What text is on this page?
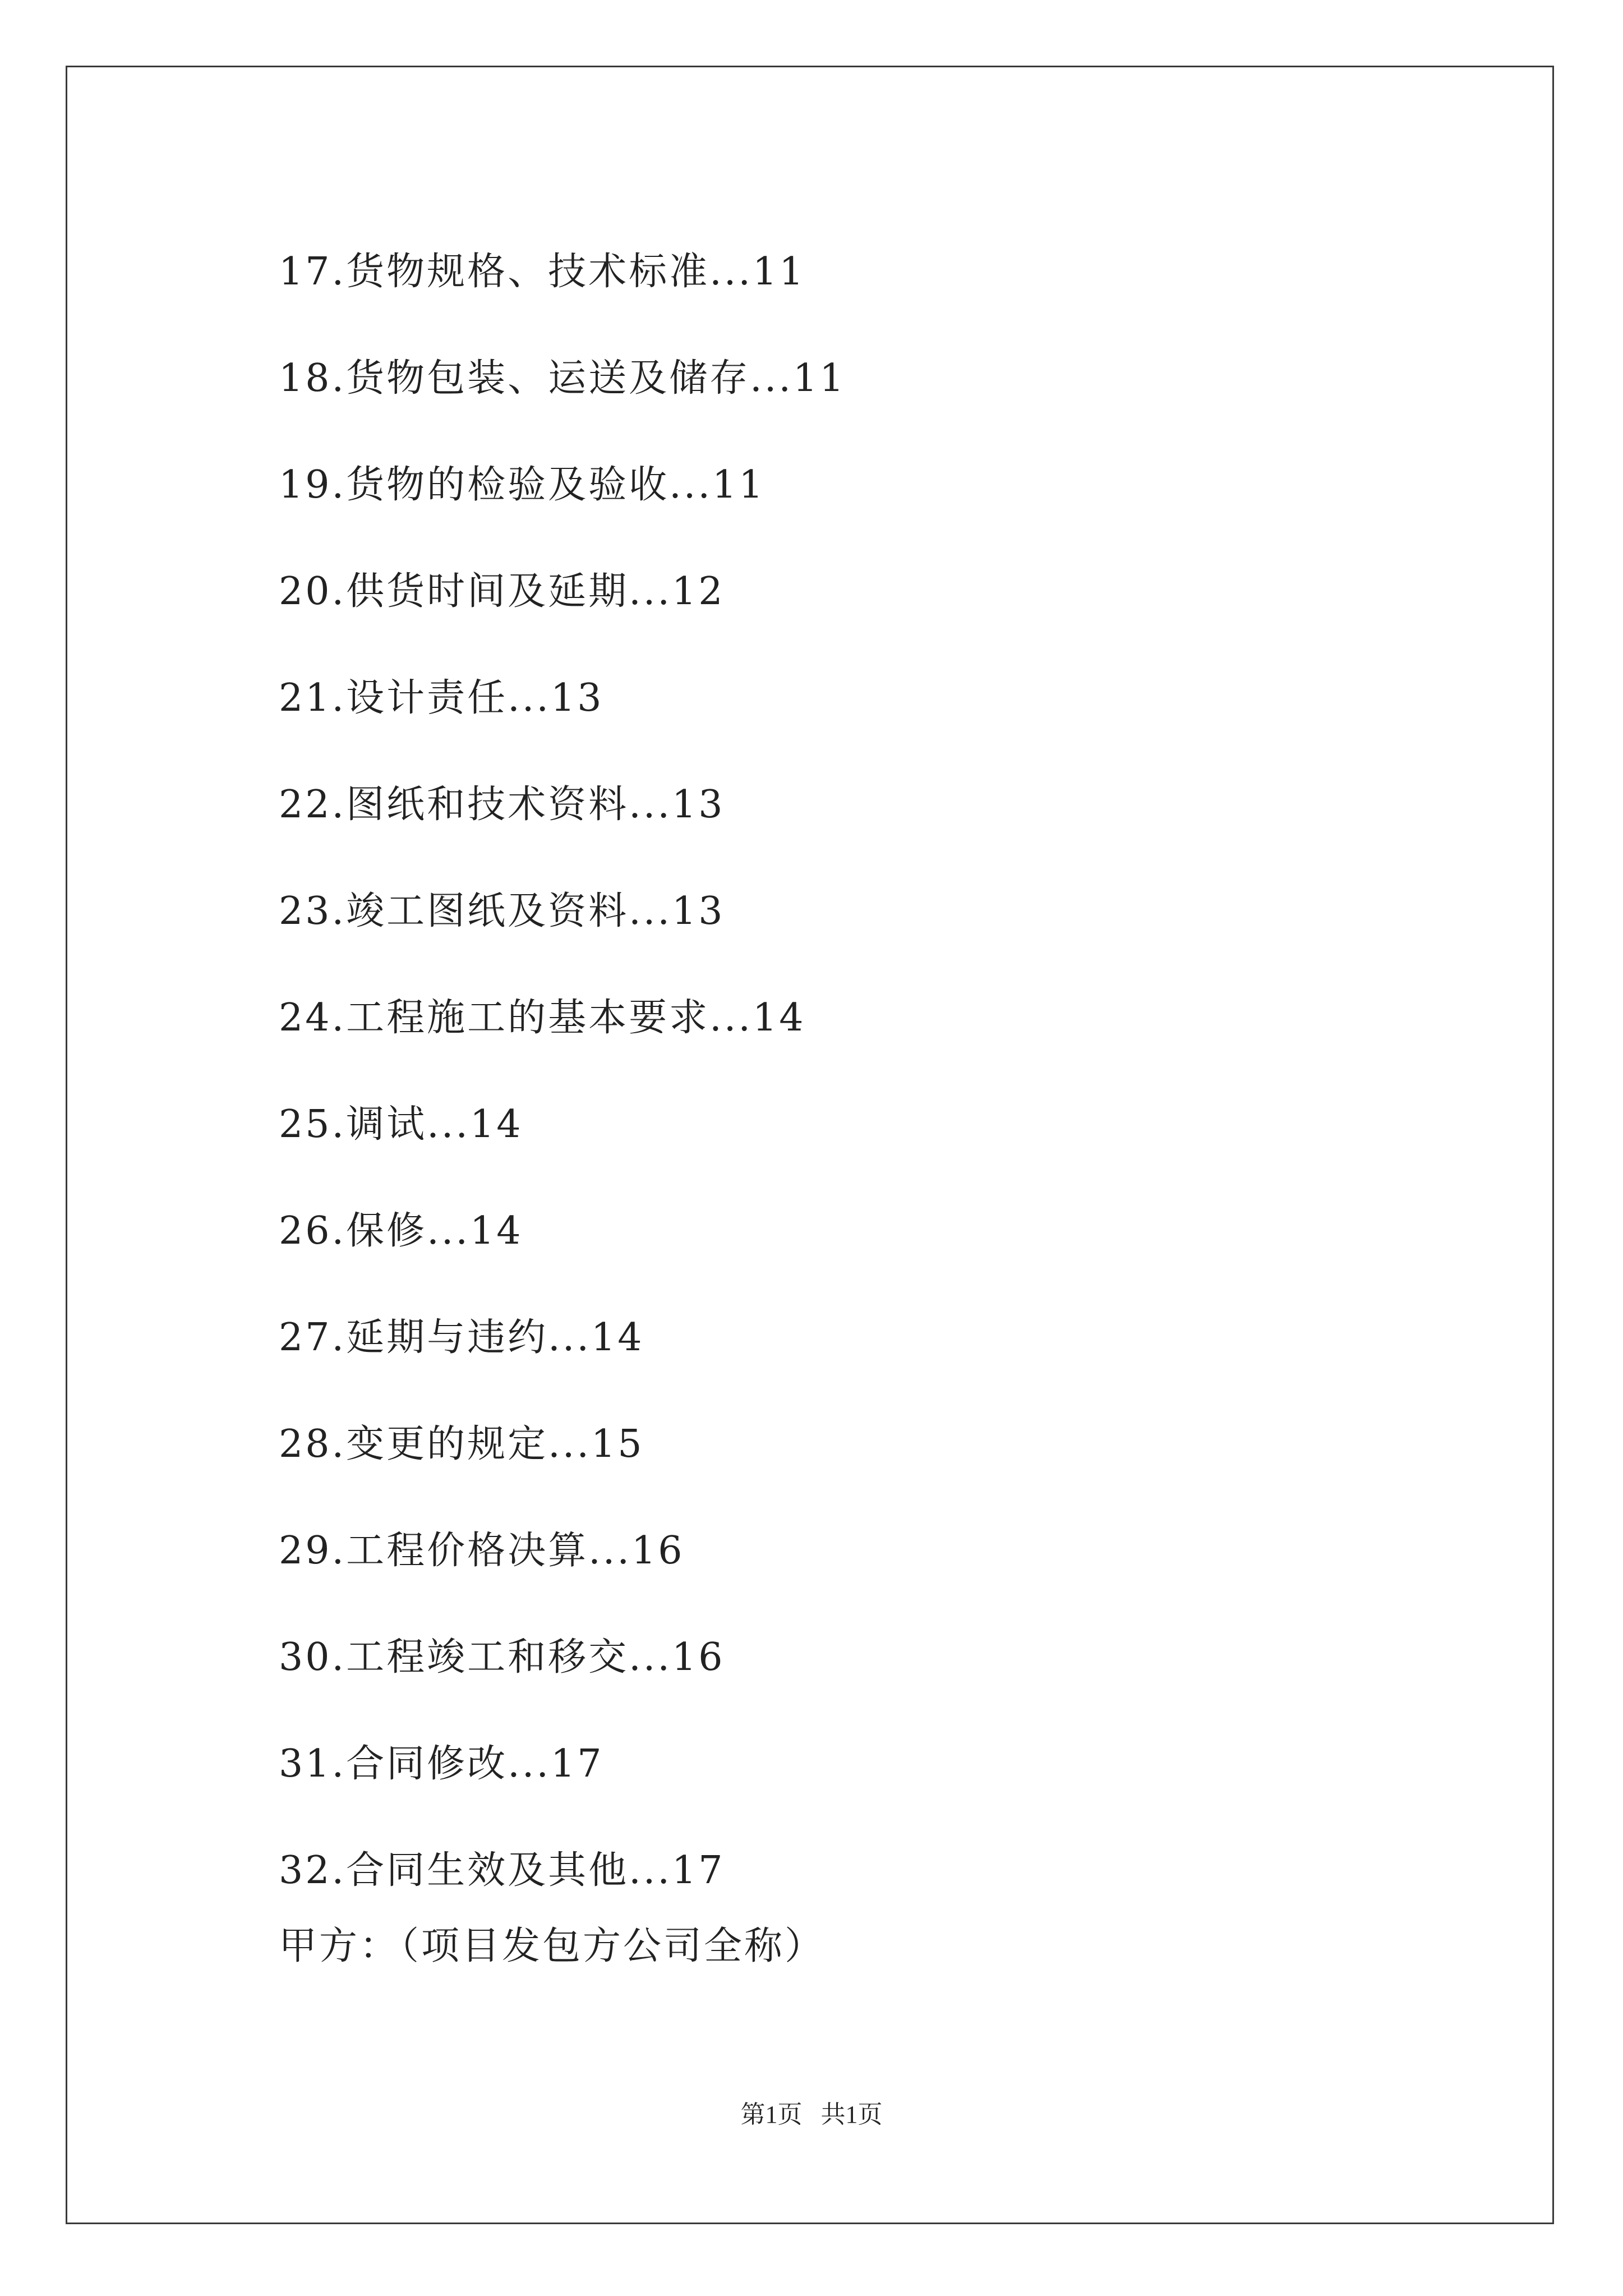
17.货物规格、技术标准...11
18.货物包装、运送及储存...11
19.货物的检验及验收...11
20.供货时间及延期...12
21.设计责任...13
22.图纸和技术资料...13
23.竣工图纸及资料...13
24.工程施工的基本要求...14
25.调试...14
26.保修...14
27.延期与违约...14
28.变更的规定...15
29.工程价格决算...16
30.工程竣工和移交...16
31.合同修改...17
32.合同生效及其他...17
甲方：（项目发包方公司全称）
第1页 共1页
